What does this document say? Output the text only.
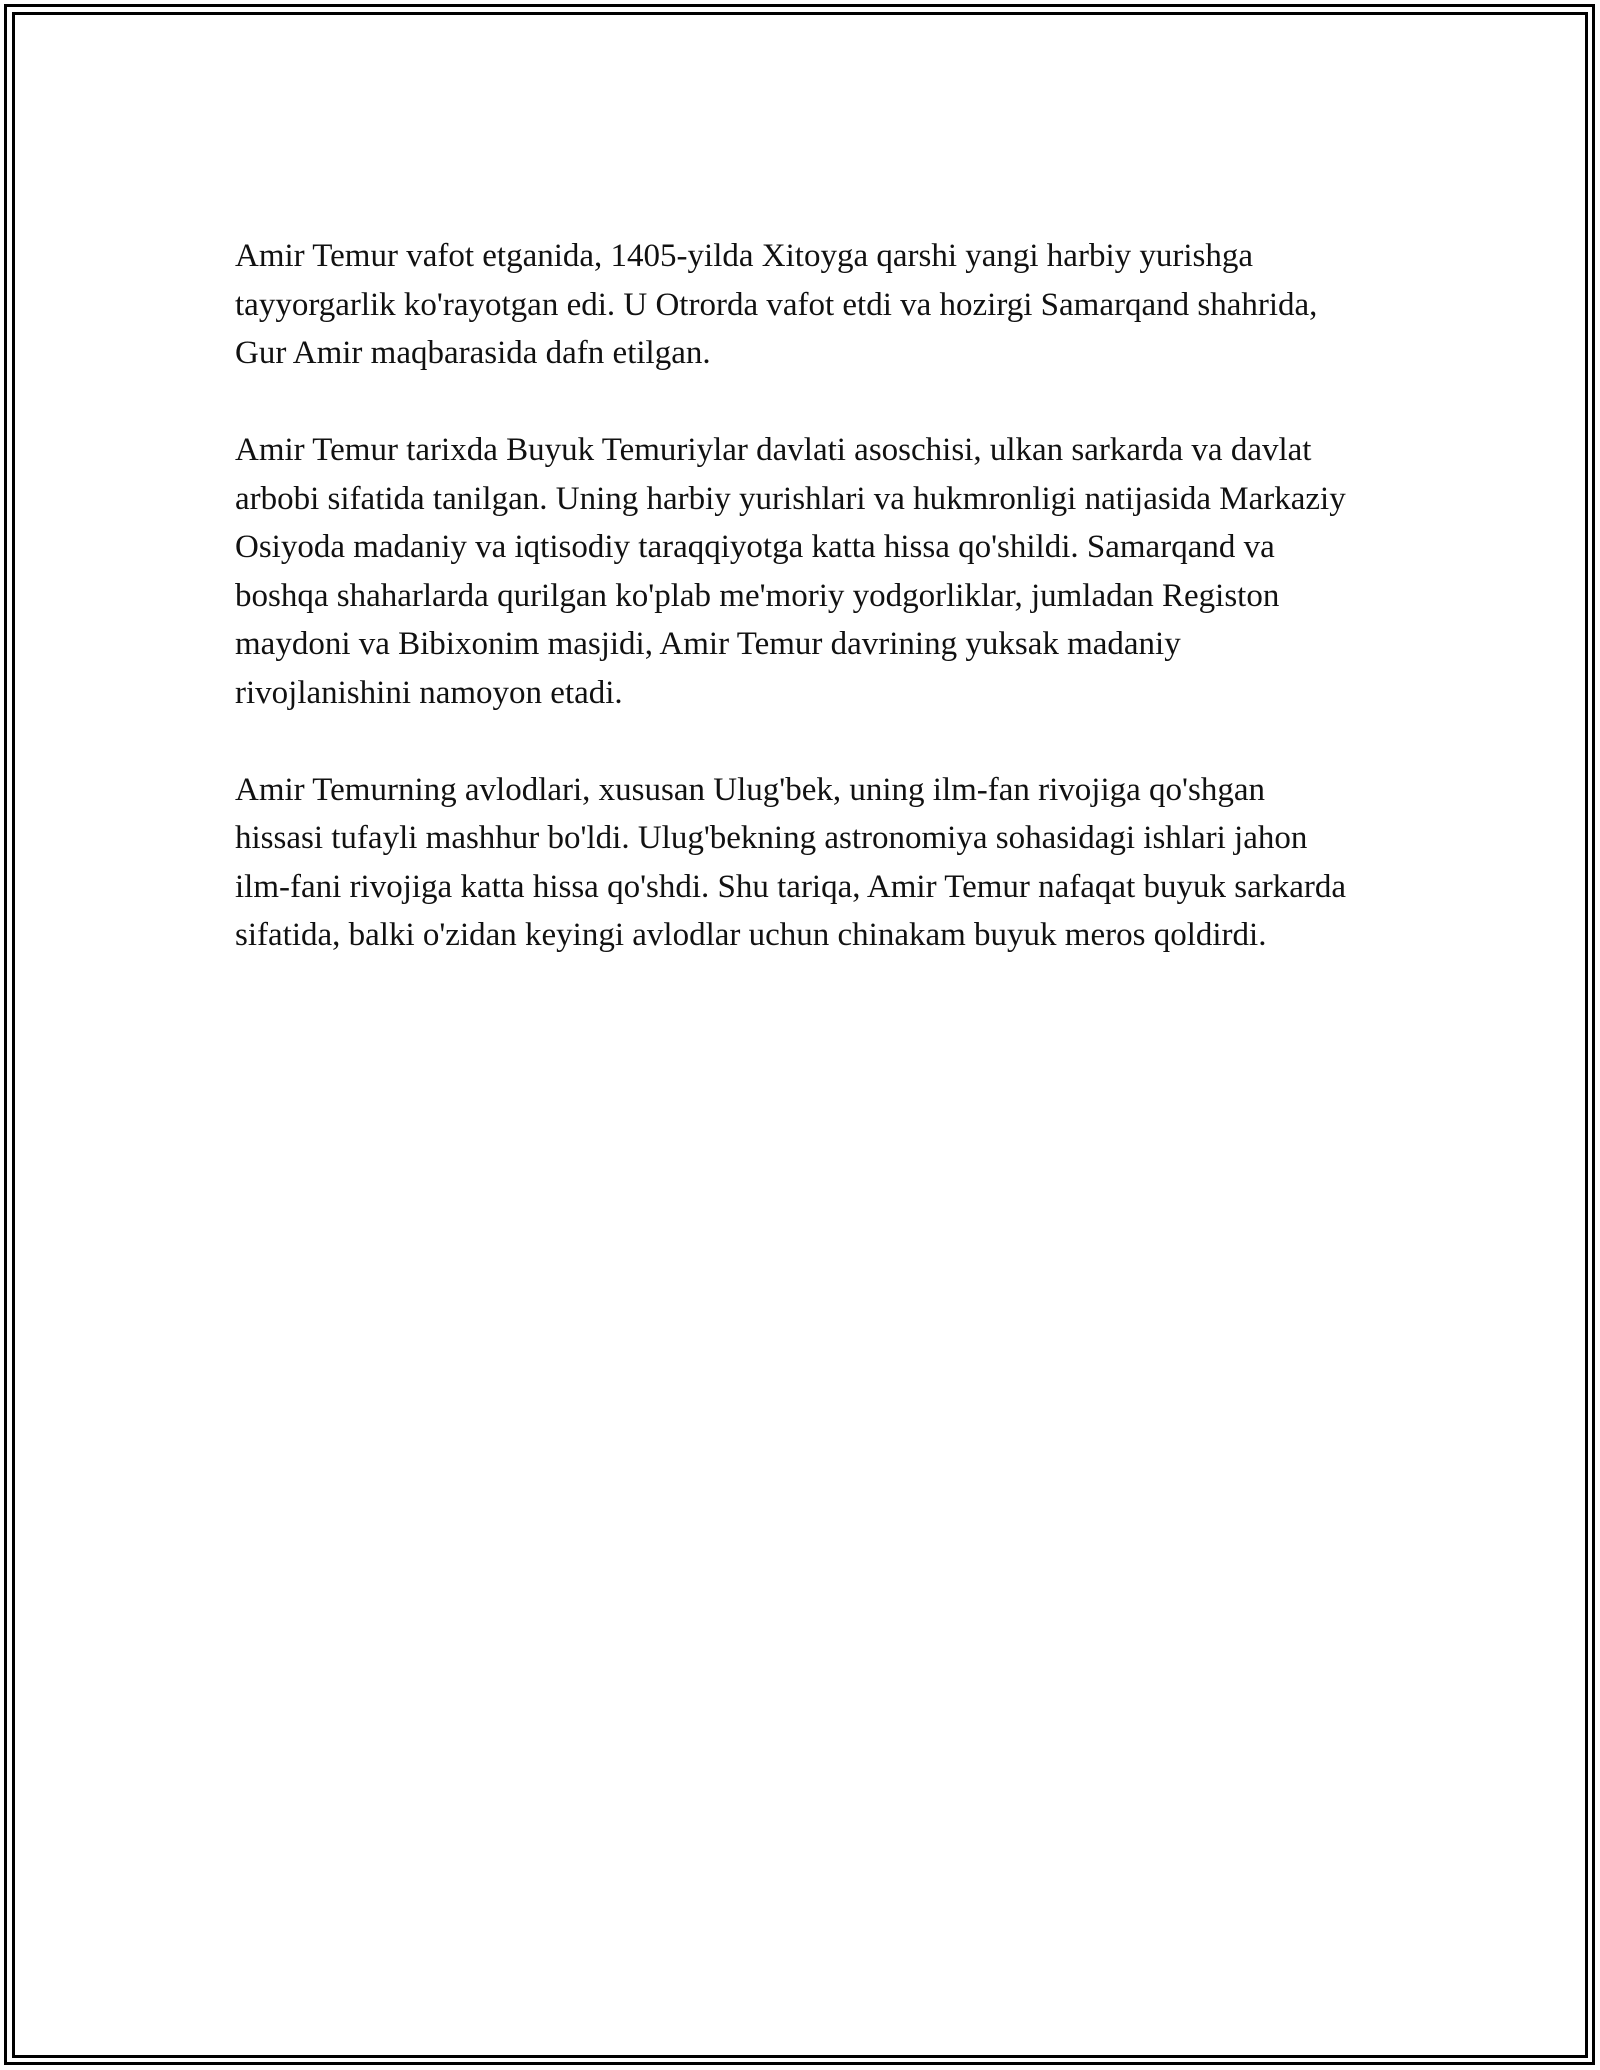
Amir Temur vafot etganida, 1405-yilda Xitoyga qarshi yangi harbiy yurishga tayyorgarlik ko'rayotgan edi. U Otrorda vafot etdi va hozirgi Samarqand shahrida, Gur Amir maqbarasida dafn etilgan.

Amir Temur tarixda Buyuk Temuriylar davlati asoschisi, ulkan sarkarda va davlat arbobi sifatida tanilgan. Uning harbiy yurishlari va hukmronligi natijasida Markaziy Osiyoda madaniy va iqtisodiy taraqqiyotga katta hissa qo'shildi. Samarqand va boshqa shaharlarda qurilgan ko'plab me'moriy yodgorliklar, jumladan Registon maydoni va Bibixonim masjidi, Amir Temur davrining yuksak madaniy rivojlanishini namoyon etadi.

Amir Temurning avlodlari, xususan Ulug'bek, uning ilm-fan rivojiga qo'shgan hissasi tufayli mashhur bo'ldi. Ulug'bekning astronomiya sohasidagi ishlari jahon ilm-fani rivojiga katta hissa qo'shdi. Shu tariqa, Amir Temur nafaqat buyuk sarkarda sifatida, balki o'zidan keyingi avlodlar uchun chinakam buyuk meros qoldirdi.
